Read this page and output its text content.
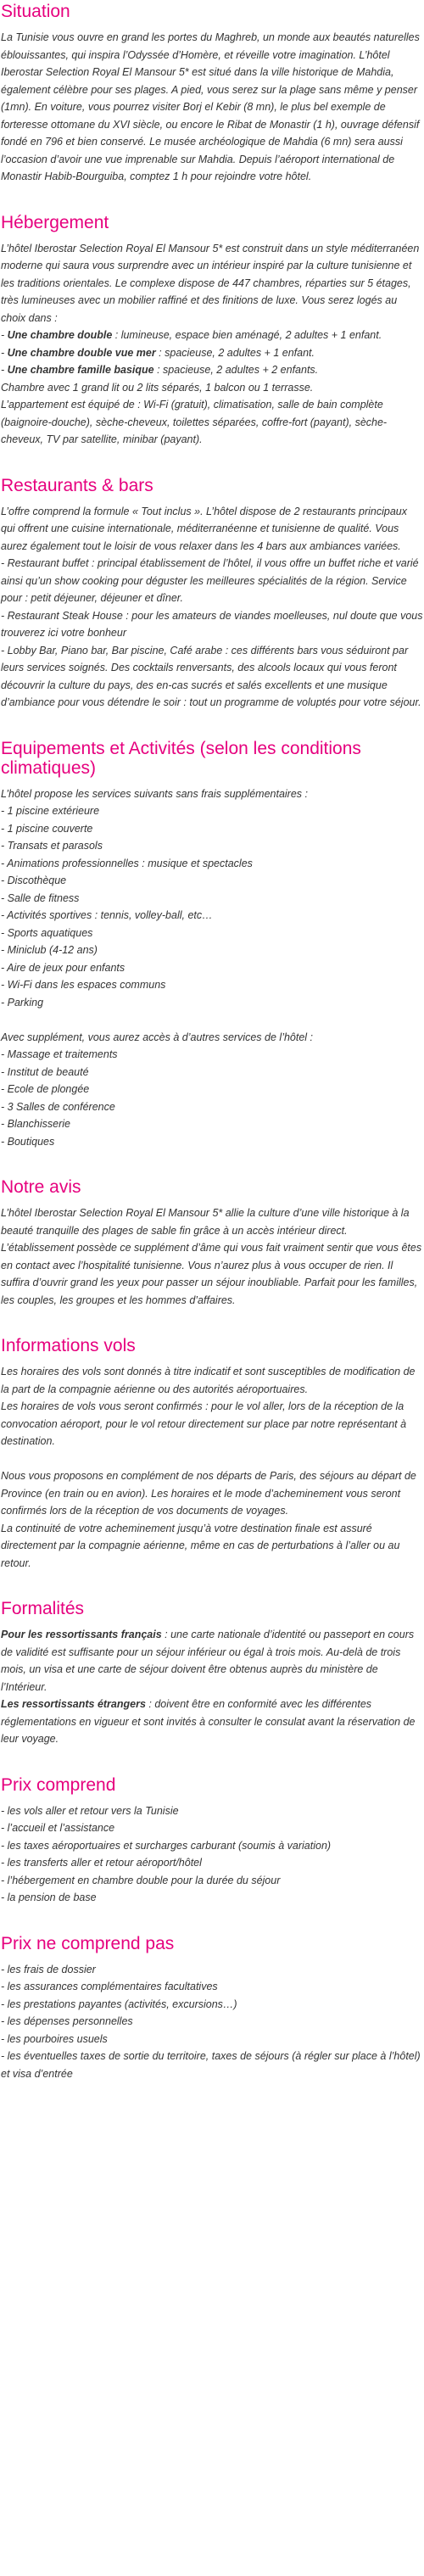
Situation

La Tunisie vous ouvre en grand les portes du Maghreb, un monde aux beautés naturelles éblouissantes, qui inspira l’Odyssée d’Homère, et réveille votre imagination. L’hôtel Iberostar Selection Royal El Mansour 5* est situé dans la ville historique de Mahdia, également célèbre pour ses plages. A pied, vous serez sur la plage sans même y penser (1mn). En voiture, vous pourrez visiter Borj el Kebir (8 mn), le plus bel exemple de forteresse ottomane du XVI siècle, ou encore le Ribat de Monastir (1 h), ouvrage défensif fondé en 796 et bien conservé. Le musée archéologique de Mahdia (6 mn) sera aussi l’occasion d’avoir une vue imprenable sur Mahdia. Depuis l’aéroport international de Monastir Habib-Bourguiba, comptez 1 h pour rejoindre votre hôtel.

Hébergement

L’hôtel Iberostar Selection Royal El Mansour 5* est construit dans un style méditerranéen moderne qui saura vous surprendre avec un intérieur inspiré par la culture tunisienne et les traditions orientales. Le complexe dispose de 447 chambres, réparties sur 5 étages, très lumineuses avec un mobilier raffiné et des finitions de luxe. Vous serez logés au choix dans :

- Une chambre double : lumineuse, espace bien aménagé, 2 adultes + 1 enfant.

- Une chambre double vue mer : spacieuse, 2 adultes + 1 enfant.

- Une chambre famille basique : spacieuse, 2 adultes + 2 enfants.

Chambre avec 1 grand lit ou 2 lits séparés, 1 balcon ou 1 terrasse.

L’appartement est équipé de : Wi-Fi (gratuit), climatisation, salle de bain complète (baignoire-douche), sèche-cheveux, toilettes séparées, coffre-fort (payant), sèche-cheveux, TV par satellite, minibar (payant).

Restaurants & bars

L’offre comprend la formule « Tout inclus ». L’hôtel dispose de 2 restaurants principaux qui offrent une cuisine internationale, méditerranéenne et tunisienne de qualité. Vous aurez également tout le loisir de vous relaxer dans les 4 bars aux ambiances variées.

- Restaurant buffet : principal établissement de l’hôtel, il vous offre un buffet riche et varié ainsi qu’un show cooking pour déguster les meilleures spécialités de la région. Service pour : petit déjeuner, déjeuner et dîner.

- Restaurant Steak House : pour les amateurs de viandes moelleuses, nul doute que vous trouverez ici votre bonheur

- Lobby Bar, Piano bar, Bar piscine, Café arabe : ces différents bars vous séduiront par leurs services soignés. Des cocktails renversants, des alcools locaux qui vous feront découvrir la culture du pays, des en-cas sucrés et salés excellents et une musique d’ambiance pour vous détendre le soir : tout un programme de voluptés pour votre séjour.

Equipements et Activités (selon les conditions climatiques)

L’hôtel propose les services suivants sans frais supplémentaires :

- 1 piscine extérieure
- 1 piscine couverte
- Transats et parasols
- Animations professionnelles : musique et spectacles
- Discothèque
- Salle de fitness
- Activités sportives : tennis, volley-ball, etc…
- Sports aquatiques
- Miniclub (4-12 ans)
- Aire de jeux pour enfants
- Wi-Fi dans les espaces communs
- Parking

Avec supplément, vous aurez accès à d’autres services de l’hôtel :

- Massage et traitements
- Institut de beauté
- Ecole de plongée
- 3 Salles de conférence
- Blanchisserie
- Boutiques
Notre avis

L’hôtel Iberostar Selection Royal El Mansour 5* allie la culture d’une ville historique à la beauté tranquille des plages de sable fin grâce à un accès intérieur direct. L’établissement possède ce supplément d’âme qui vous fait vraiment sentir que vous êtes en contact avec l’hospitalité tunisienne. Vous n’aurez plus à vous occuper de rien. Il suffira d’ouvrir grand les yeux pour passer un séjour inoubliable. Parfait pour les familles, les couples, les groupes et les hommes d’affaires.

Informations vols

Les horaires des vols sont donnés à titre indicatif et sont susceptibles de modification de la part de la compagnie aérienne ou des autorités aéroportuaires.

Les horaires de vols vous seront confirmés : pour le vol aller, lors de la réception de la convocation aéroport, pour le vol retour directement sur place par notre représentant à destination.

Nous vous proposons en complément de nos départs de Paris, des séjours au départ de Province (en train ou en avion). Les horaires et le mode d’acheminement vous seront confirmés lors de la réception de vos documents de voyages.

La continuité de votre acheminement jusqu’à votre destination finale est assuré directement par la compagnie aérienne, même en cas de perturbations à l’aller ou au retour.

Formalités

Pour les ressortissants français : une carte nationale d’identité ou passeport en cours de validité est suffisante pour un séjour inférieur ou égal à trois mois. Au-delà de trois mois, un visa et une carte de séjour doivent être obtenus auprès du ministère de l’Intérieur.

Les ressortissants étrangers : doivent être en conformité avec les différentes réglementations en vigueur et sont invités à consulter le consulat avant la réservation de leur voyage.

Prix comprend
- les vols aller et retour vers la Tunisie
- l’accueil et l’assistance
- les taxes aéroportuaires et surcharges carburant (soumis à variation)
- les transferts aller et retour aéroport/hôtel
- l’hébergement en chambre double pour la durée du séjour
- la pension de base
Prix ne comprend pas
- les frais de dossier
- les assurances complémentaires facultatives
- les prestations payantes (activités, excursions…)
- les dépenses personnelles
- les pourboires usuels
- les éventuelles taxes de sortie du territoire, taxes de séjours (à régler sur place à l’hôtel) et visa d’entrée
